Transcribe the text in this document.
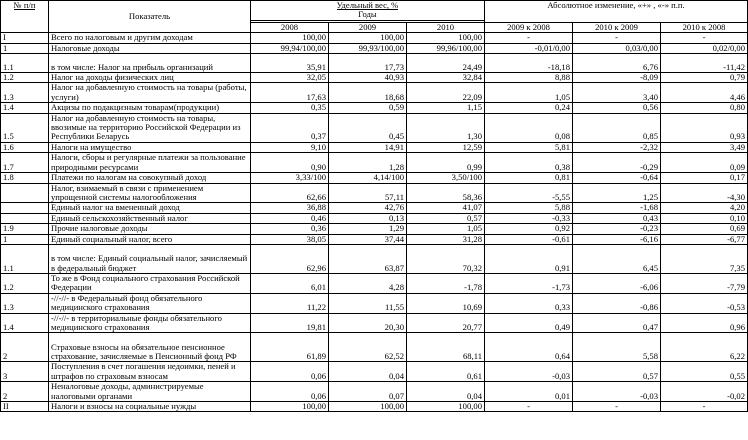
№ п/п	Показатель	Удельный вес, %
Годы			Абсолютное изменение, «+» , «-» п.п.		

		2008	2009	2010	2009 к 2008	2010 к 2009	2010 к 2008
I	Всего по налоговым и другим доходам	100,00	100,00	100,00	-	-	-
1	Налоговые доходы	99,94/100,00	99,93/100,00	99,96/100,00	-0,01/0,00	0,03/0,00	0,02/0,00
1.1	в том числе: Налог на прибыль организаций	35,91	17,73	24,49	-18,18	6,76	-11,42
1.2	Налог на доходы физических лиц	32,05	40,93	32,84	8,88	-8,09	0,79
1.3	Налог на добавленную стоимость на товары (работы, услуги)	17,63	18,68	22,09	1,05	3,40	4,46
1.4	Акцизы по подакцизным товарам(продукции)	0,35	0,59	1,15	0,24	0,56	0,80
1.5	Налог на добавленную стоимость на товары, ввозимые на территорию Российской Федерации из Республики Беларусь	0,37	0,45	1,30	0,08	0,85	0,93
1.6	Налоги на имущество	9,10	14,91	12,59	5,81	-2,32	3,49
1.7	Налоги, сборы и регулярные платежи за пользование природными ресурсами	0,90	1,28	0,99	0,38	-0,29	0,09
1.8	Платежи по налогам на совокупный доход	3,33/100	4,14/100	3,50/100	0,81	-0,64	0,17
	Налог, взимаемый в связи с применением упрощенной системы налогообложения	62,66	57,11	58,36	-5,55	1,25	-4,30
	Единый налог на вмененный доход	36,88	42,76	41,07	5,88	-1,68	4,20
	Единый сельскохозяйственный налог	0,46	0,13	0,57	-0,33	0,43	0,10
1.9	Прочие налоговые доходы	0,36	1,29	1,05	0,92	-0,23	0,69
1	Единый социальный налог, всего	38,05	37,44	31,28	-0,61	-6,16	-6,77
1.1	в том числе: Единый социальный налог, зачисляемый в федеральный бюджет	62,96	63,87	70,32	0,91	6,45	7,35
1.2	То же в Фонд социального страхования Российской Федерации	6,01	4,28	-1,78	-1,73	-6,06	-7,79
1.3	-//-//- в Федеральный фонд обязательного медицинского страхования	11,22	11,55	10,69	0,33	-0,86	-0,53
1.4	-//-//- в территориальные фонды обязательного медицинского страхования	19,81	20,30	20,77	0,49	0,47	0,96
2	Страховые взносы на обязательное пенсионное страхование, зачисляемые в Пенсионный фонд РФ	61,89	62,52	68,11	0,64	5,58	6,22
3	Поступления в счет погашения недоимки, пеней и штрафов по страховым взносам	0,06	0,04	0,61	-0,03	0,57	0,55
2	Неналоговые доходы, администрируемые налоговыми органами	0,06	0,07	0,04	0,01	-0,03	-0,02
II	Налоги и взносы на социальные нужды	100,00	100,00	100,00	-	-	-
